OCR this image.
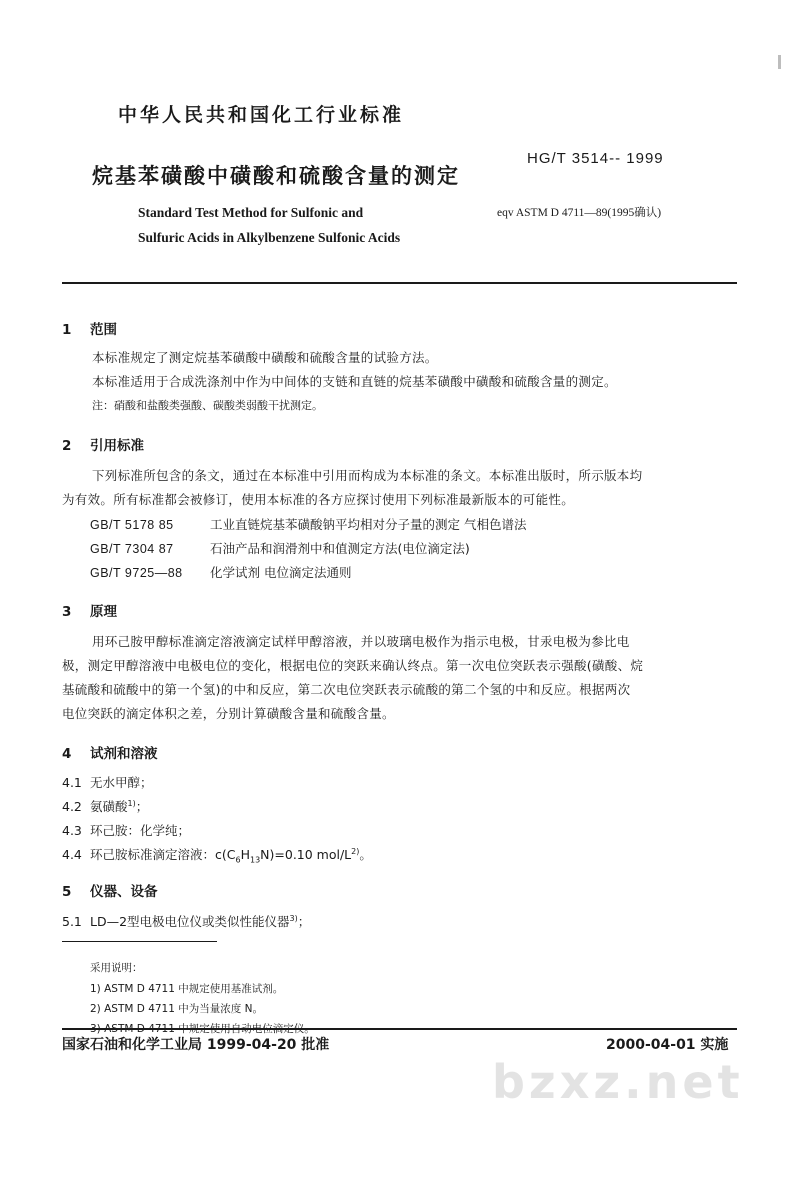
中华人民共和国化工行业标准
烷基苯磺酸中磺酸和硫酸含量的测定
HG/T 3514-- 1999
Standard Test Method for Sulfonic and
Sulfuric Acids in Alkylbenzene Sulfonic Acids
eqv ASTM D 4711—89(1995确认)
1 范围
本标准规定了测定烷基苯磺酸中磺酸和硫酸含量的试验方法。
本标准适用于合成洗涤剂中作为中间体的支链和直链的烷基苯磺酸中磺酸和硫酸含量的测定。
注：硝酸和盐酸类强酸、碳酸类弱酸干扰测定。
2 引用标准
下列标准所包含的条文，通过在本标准中引用而构成为本标准的条文。本标准出版时，所示版本均
为有效。所有标准都会被修订，使用本标准的各方应探讨使用下列标准最新版本的可能性。
GB/T 5178 85	工业直链烷基苯磺酸钠平均相对分子量的测定 气相色谱法
GB/T 7304 87	石油产品和润滑剂中和值测定方法(电位滴定法)
GB/T 9725—88 化学试剂 电位滴定法通则
3 原理
用环己胺甲醇标准滴定溶液滴定试样甲醇溶液，并以玻璃电极作为指示电极，甘汞电极为参比电
极，测定甲醇溶液中电极电位的变化，根据电位的突跃来确认终点。第一次电位突跃表示强酸(磺酸、烷
基硫酸和硫酸中的第一个氢)的中和反应，第二次电位突跃表示硫酸的第二个氢的中和反应。根据两次
电位突跃的滴定体积之差，分别计算磺酸含量和硫酸含量。
4 试剂和溶液
4.1 无水甲醇；
4.2 氨磺酸$^{1)}$；
4.3 环己胺：化学纯；
4.4 环己胺标准滴定溶液：$c(C_6H_{13}N)=0.10$ mol/$L^{2)}$。
5 仪器、设备
5.1 LD—2型电极电位仪或类似性能仪器$^{3)}$；
采用说明：
1) ASTM D 4711 中规定使用基准试剂。
2) ASTM D 4711 中为当量浓度 N。
国家石油和化学工业局 1999-04-20 批准	2000-04-01 实施
bzxz.net
